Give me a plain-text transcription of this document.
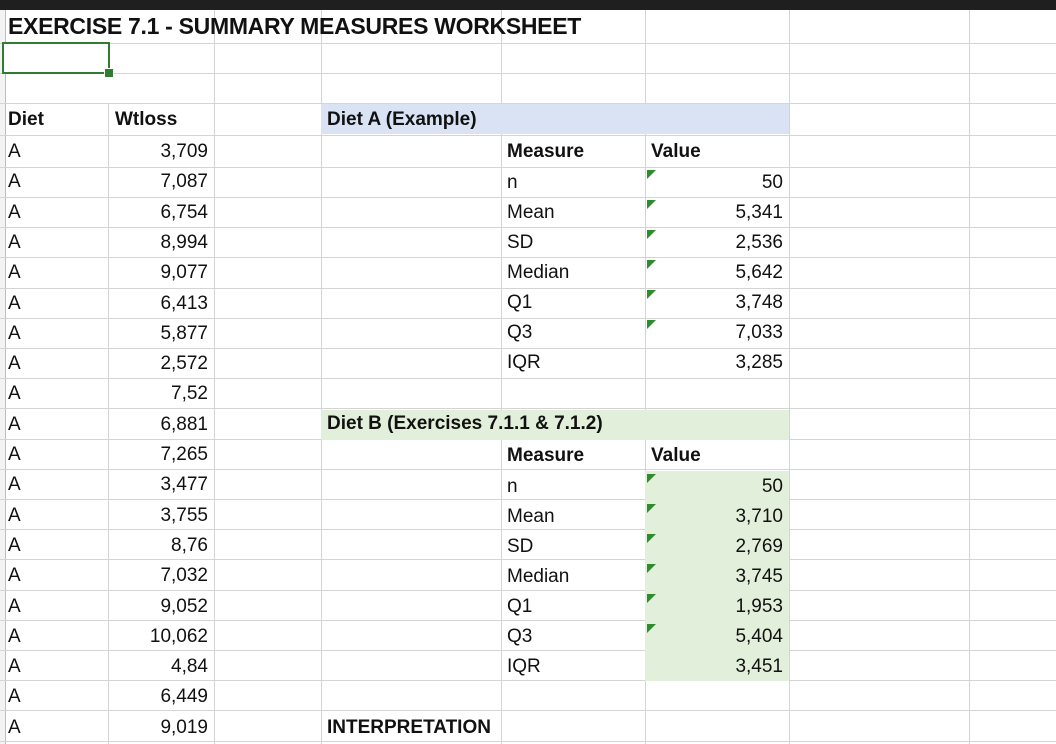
EXERCISE 7.1 - SUMMARY MEASURES WORKSHEET
Diet	Wtloss
A	3,709
A	7,087
A	6,754
A	8,994
A	9,077
A	6,413
A	5,877
A	2,572
A	7,52
A	6,881
A	7,265
A	3,477
A	3,755
A	8,76
A	7,032
A	9,052
A	10,062
A	4,84
A	6,449
A	9,019
Diet A (Example)
Measure	Value
n	50
Mean	5,341
SD	2,536
Median	5,642
Q1	3,748
Q3	7,033
IQR	3,285
Diet B (Exercises 7.1.1 & 7.1.2)
Measure	Value
n	50
Mean	3,710
SD	2,769
Median	3,745
Q1	1,953
Q3	5,404
IQR	3,451
INTERPRETATION
